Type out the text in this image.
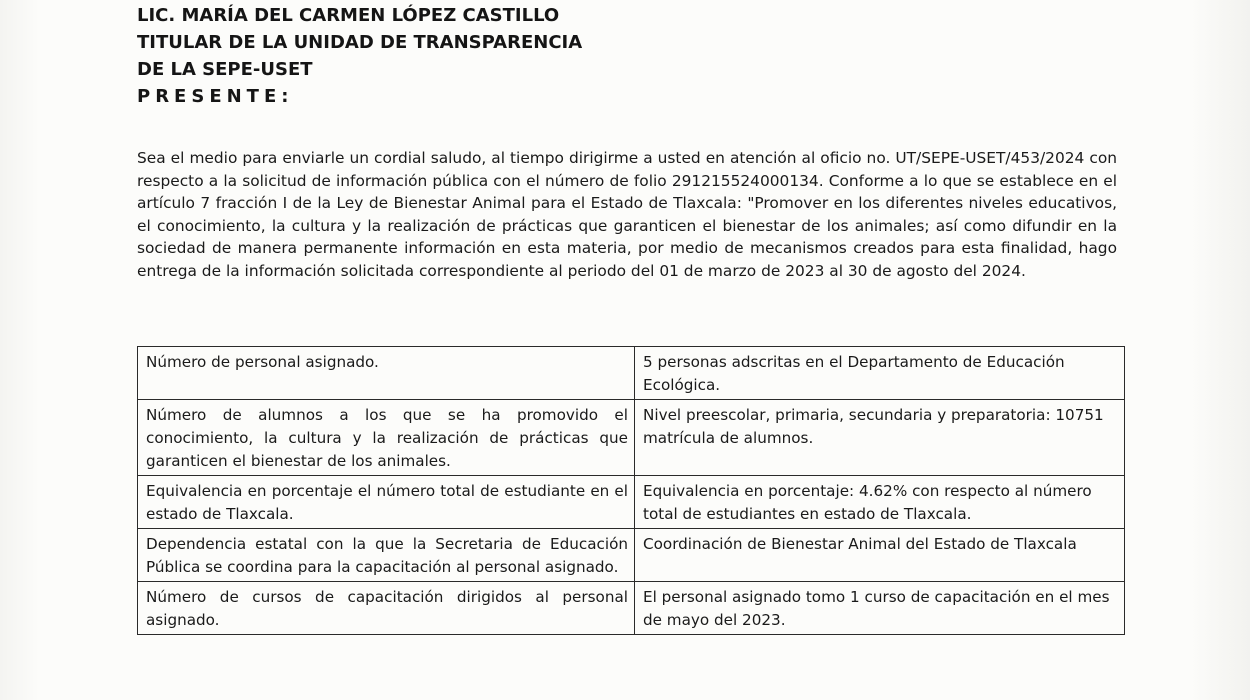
LIC. MARÍA DEL CARMEN LÓPEZ CASTILLO
TITULAR DE LA UNIDAD DE TRANSPARENCIA
DE LA SEPE-USET
PRESENTE:
Sea el medio para enviarle un cordial saludo, al tiempo dirigirme a usted en atención al oficio no. UT/SEPE-USET/453/2024 con respecto a la solicitud de información pública con el número de folio 291215524000134. Conforme a lo que se establece en el artículo 7 fracción I de la Ley de Bienestar Animal para el Estado de Tlaxcala: "Promover en los diferentes niveles educativos, el conocimiento, la cultura y la realización de prácticas que garanticen el bienestar de los animales; así como difundir en la sociedad de manera permanente información en esta materia, por medio de mecanismos creados para esta finalidad, hago entrega de la información solicitada correspondiente al periodo del 01 de marzo de 2023 al 30 de agosto del 2024.
Número de personal asignado.	5 personas adscritas en el Departamento de Educación Ecológica.
Número de alumnos a los que se ha promovido el conocimiento, la cultura y la realización de prácticas que garanticen el bienestar de los animales.	Nivel preescolar, primaria, secundaria y preparatoria: 10751 matrícula de alumnos.
Equivalencia en porcentaje el número total de estudiante en el estado de Tlaxcala.	Equivalencia en porcentaje: 4.62% con respecto al número total de estudiantes en estado de Tlaxcala.
Dependencia estatal con la que la Secretaria de Educación Pública se coordina para la capacitación al personal asignado.	Coordinación de Bienestar Animal del Estado de Tlaxcala
Número de cursos de capacitación dirigidos al personal asignado.	El personal asignado tomo 1 curso de capacitación en el mes de mayo del 2023.
